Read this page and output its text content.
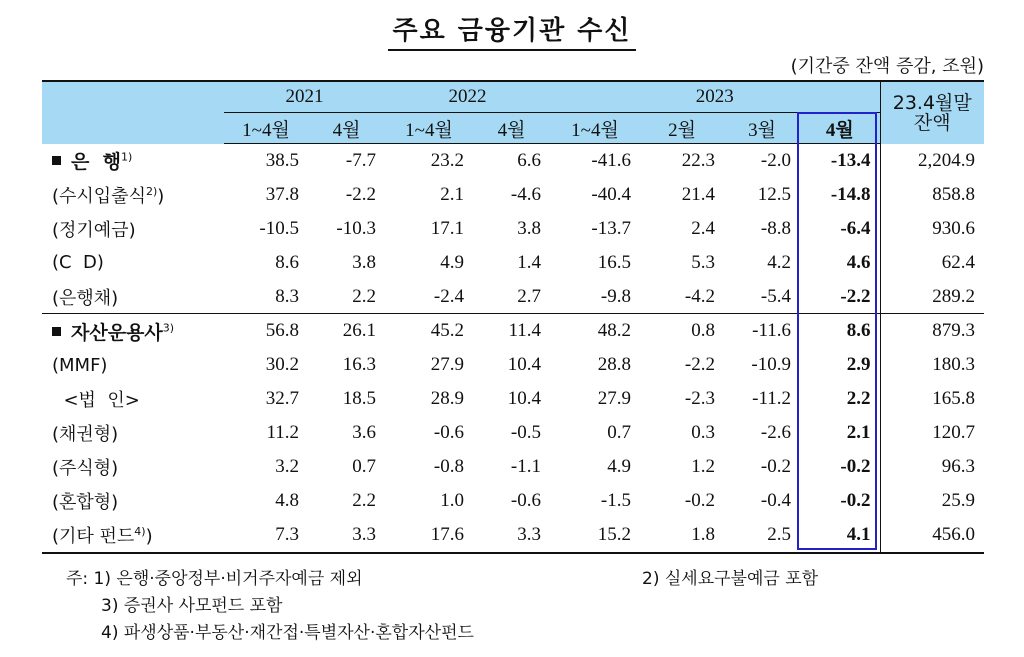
주요 금융기관 수신
(기간중 잔액 증감, 조원)
	2021		2022		2023				23.4월말
잔액

	1~4월	4월	1~4월	4월	1~4월	2월	3월	4월	
은  행$^{1)}$	38.5	-7.7	23.2	6.6	-41.6	22.3	-2.0	-13.4	2,204.9
(수시입출식$^{2)}$)	37.8	-2.2	2.1	-4.6	-40.4	21.4	12.5	-14.8	858.8
(정기예금)	-10.5	-10.3	17.1	3.8	-13.7	2.4	-8.8	-6.4	930.6
(C  D)	8.6	3.8	4.9	1.4	16.5	5.3	4.2	4.6	62.4
(은행채)	8.3	2.2	-2.4	2.7	-9.8	-4.2	-5.4	-2.2	289.2
자산운용사$^{3)}$	56.8	26.1	45.2	11.4	48.2	0.8	-11.6	8.6	879.3
(MMF)	30.2	16.3	27.9	10.4	28.8	-2.2	-10.9	2.9	180.3
<법  인>	32.7	18.5	28.9	10.4	27.9	-2.3	-11.2	2.2	165.8
(채권형)	11.2	3.6	-0.6	-0.5	0.7	0.3	-2.6	2.1	120.7
(주식형)	3.2	0.7	-0.8	-1.1	4.9	1.2	-0.2	-0.2	96.3
(혼합형)	4.8	2.2	1.0	-0.6	-1.5	-0.2	-0.4	-0.2	25.9
(기타 펀드$^{4)}$)	7.3	3.3	17.6	3.3	15.2	1.8	2.5	4.1	456.0
주: 1) 은행·중앙정부·비거주자예금 제외
3) 증권사 사모펀드 포함
4) 파생상품·부동산·재간접·특별자산·혼합자산펀드
2) 실세요구불예금 포함
